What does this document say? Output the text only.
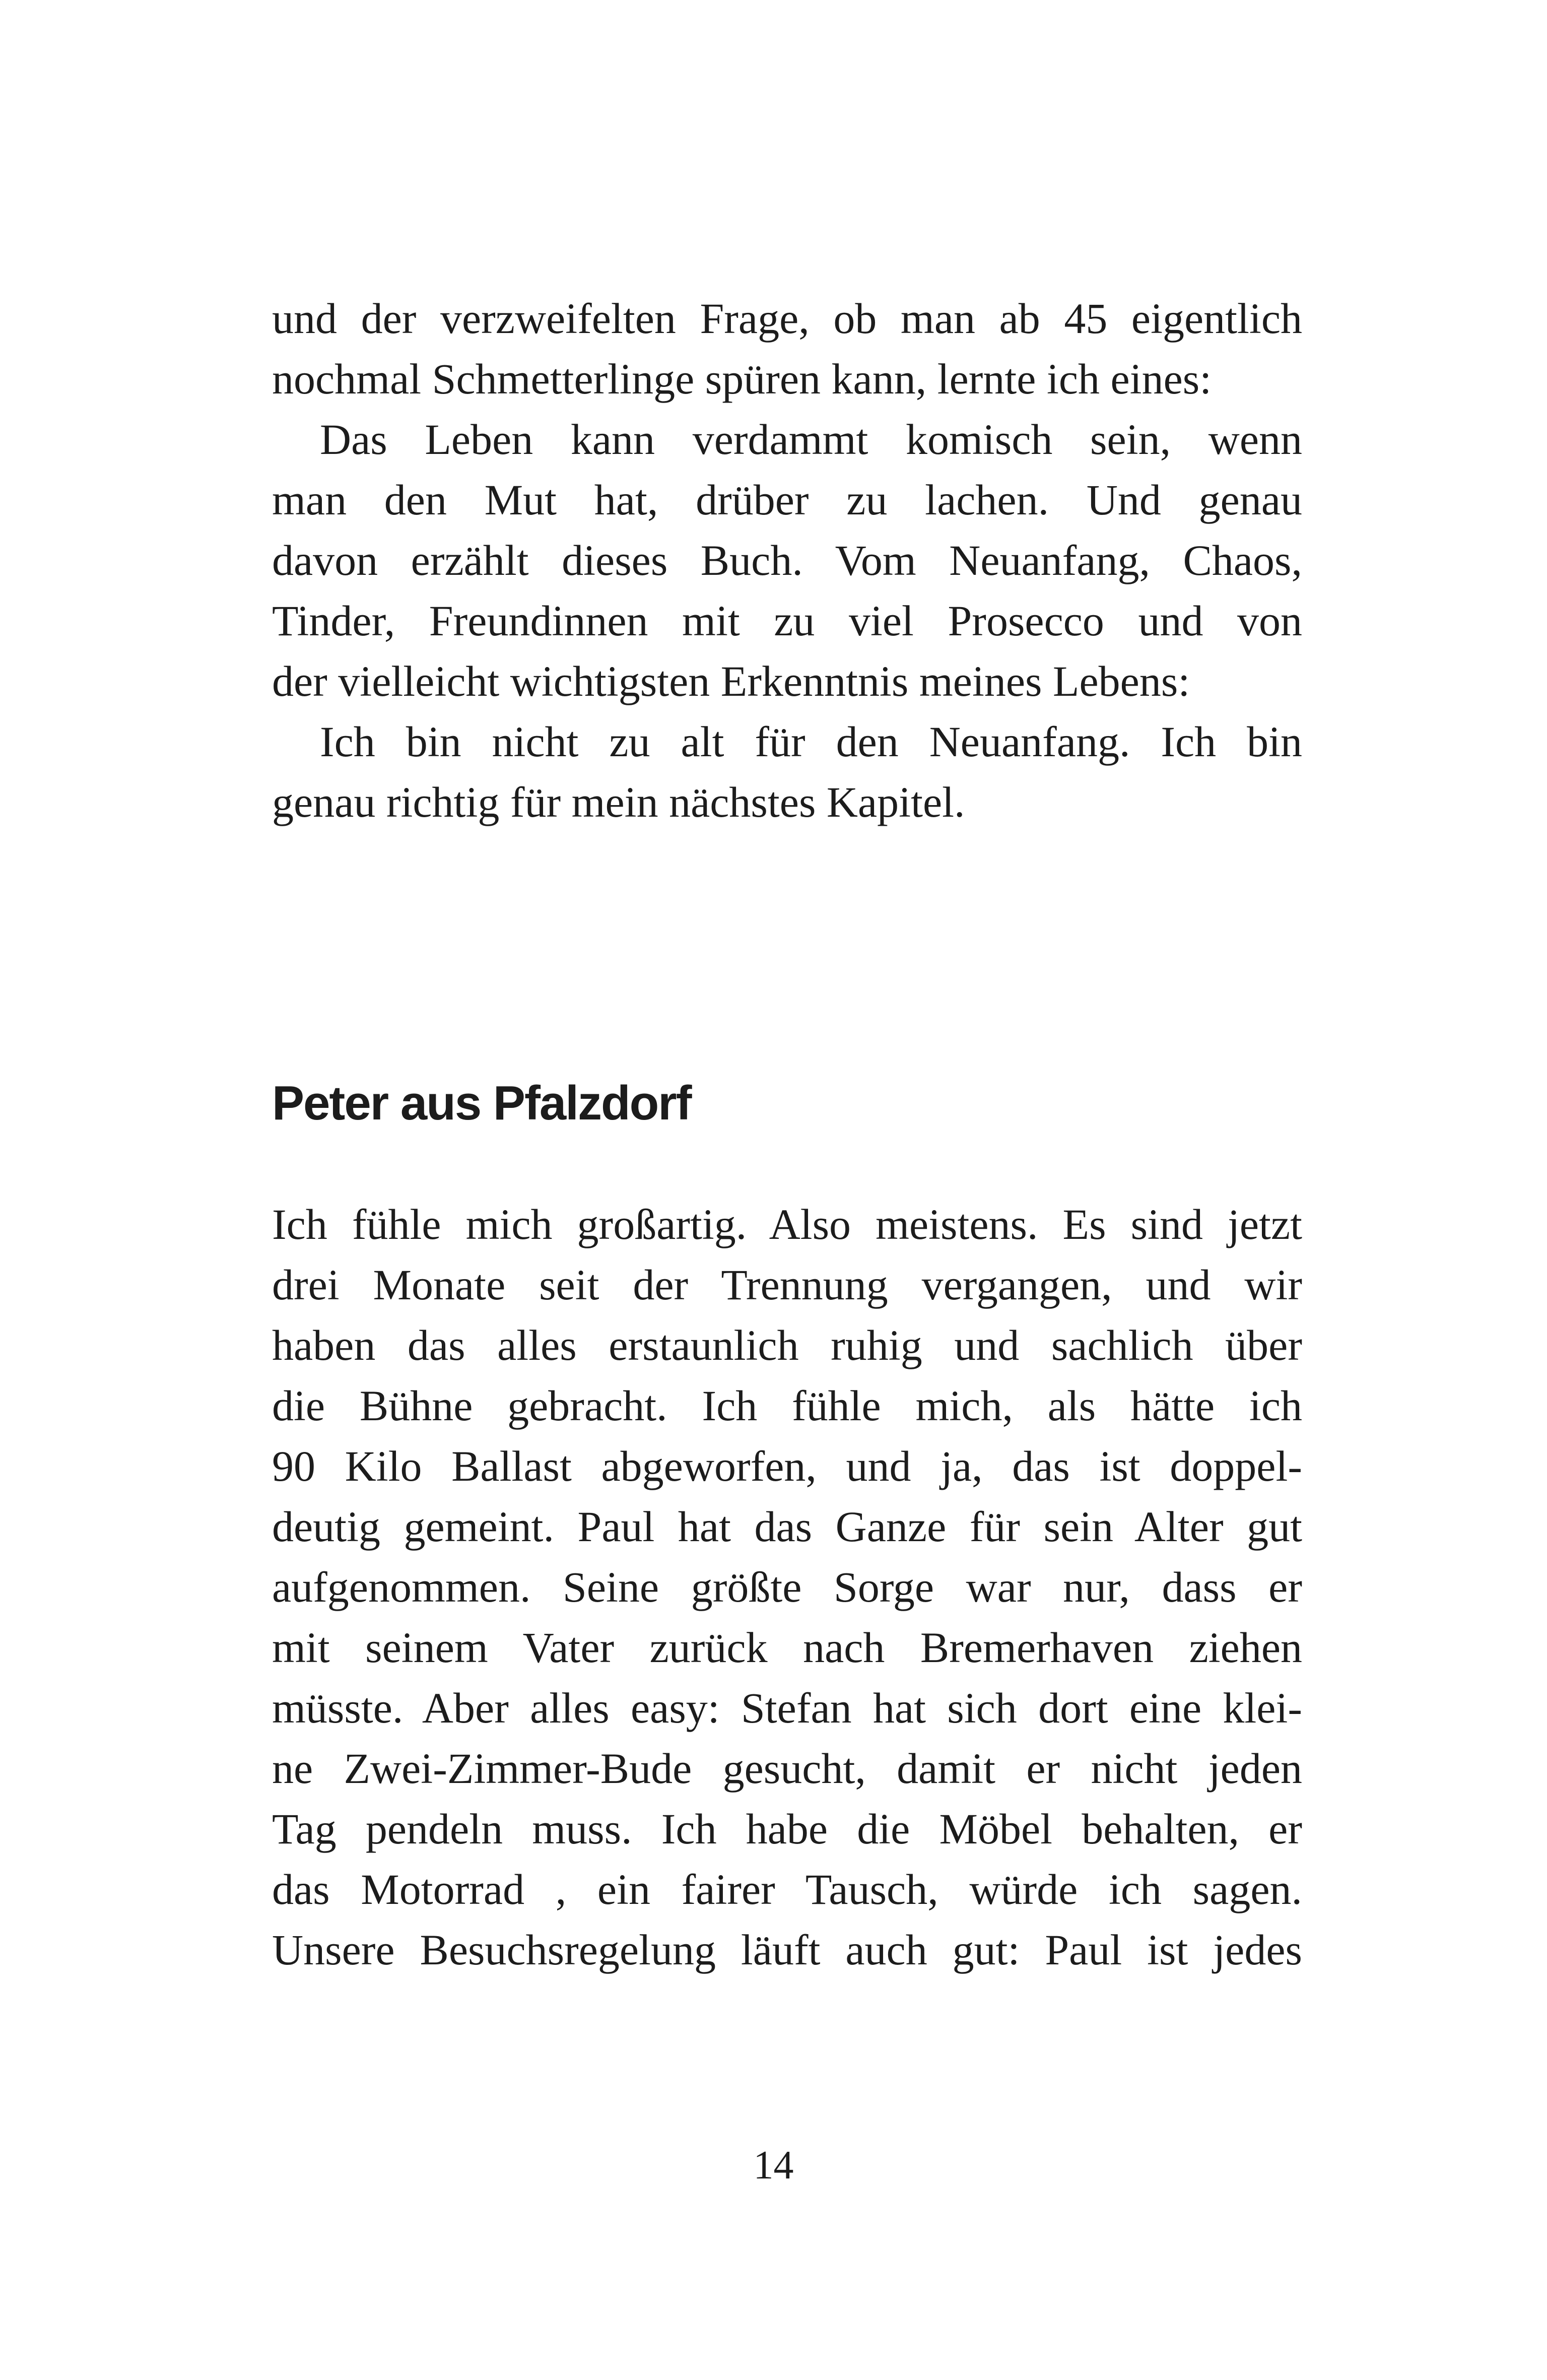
und der verzweifelten Frage, ob man ab 45 eigentlich
nochmal Schmetterlinge spüren kann, lernte ich eines:
Das Leben kann verdammt komisch sein, wenn
man den Mut hat, drüber zu lachen. Und genau
davon erzählt dieses Buch. Vom Neuanfang, Chaos,
Tinder, Freundinnen mit zu viel Prosecco und von
der vielleicht wichtigsten Erkenntnis meines Lebens:
Ich bin nicht zu alt für den Neuanfang. Ich bin
genau richtig für mein nächstes Kapitel.
Peter aus Pfalzdorf
Ich fühle mich großartig. Also meistens. Es sind jetzt
drei Monate seit der Trennung vergangen, und wir
haben das alles erstaunlich ruhig und sachlich über
die Bühne gebracht. Ich fühle mich, als hätte ich
90 Kilo Ballast abgeworfen, und ja, das ist doppel-
deutig gemeint. Paul hat das Ganze für sein Alter gut
aufgenommen. Seine größte Sorge war nur, dass er
mit seinem Vater zurück nach Bremerhaven ziehen
müsste. Aber alles easy: Stefan hat sich dort eine klei-
ne Zwei-Zimmer-Bude gesucht, damit er nicht jeden
Tag pendeln muss. Ich habe die Möbel behalten, er
das Motorrad , ein fairer Tausch, würde ich sagen.
Unsere Besuchsregelung läuft auch gut: Paul ist jedes
14
